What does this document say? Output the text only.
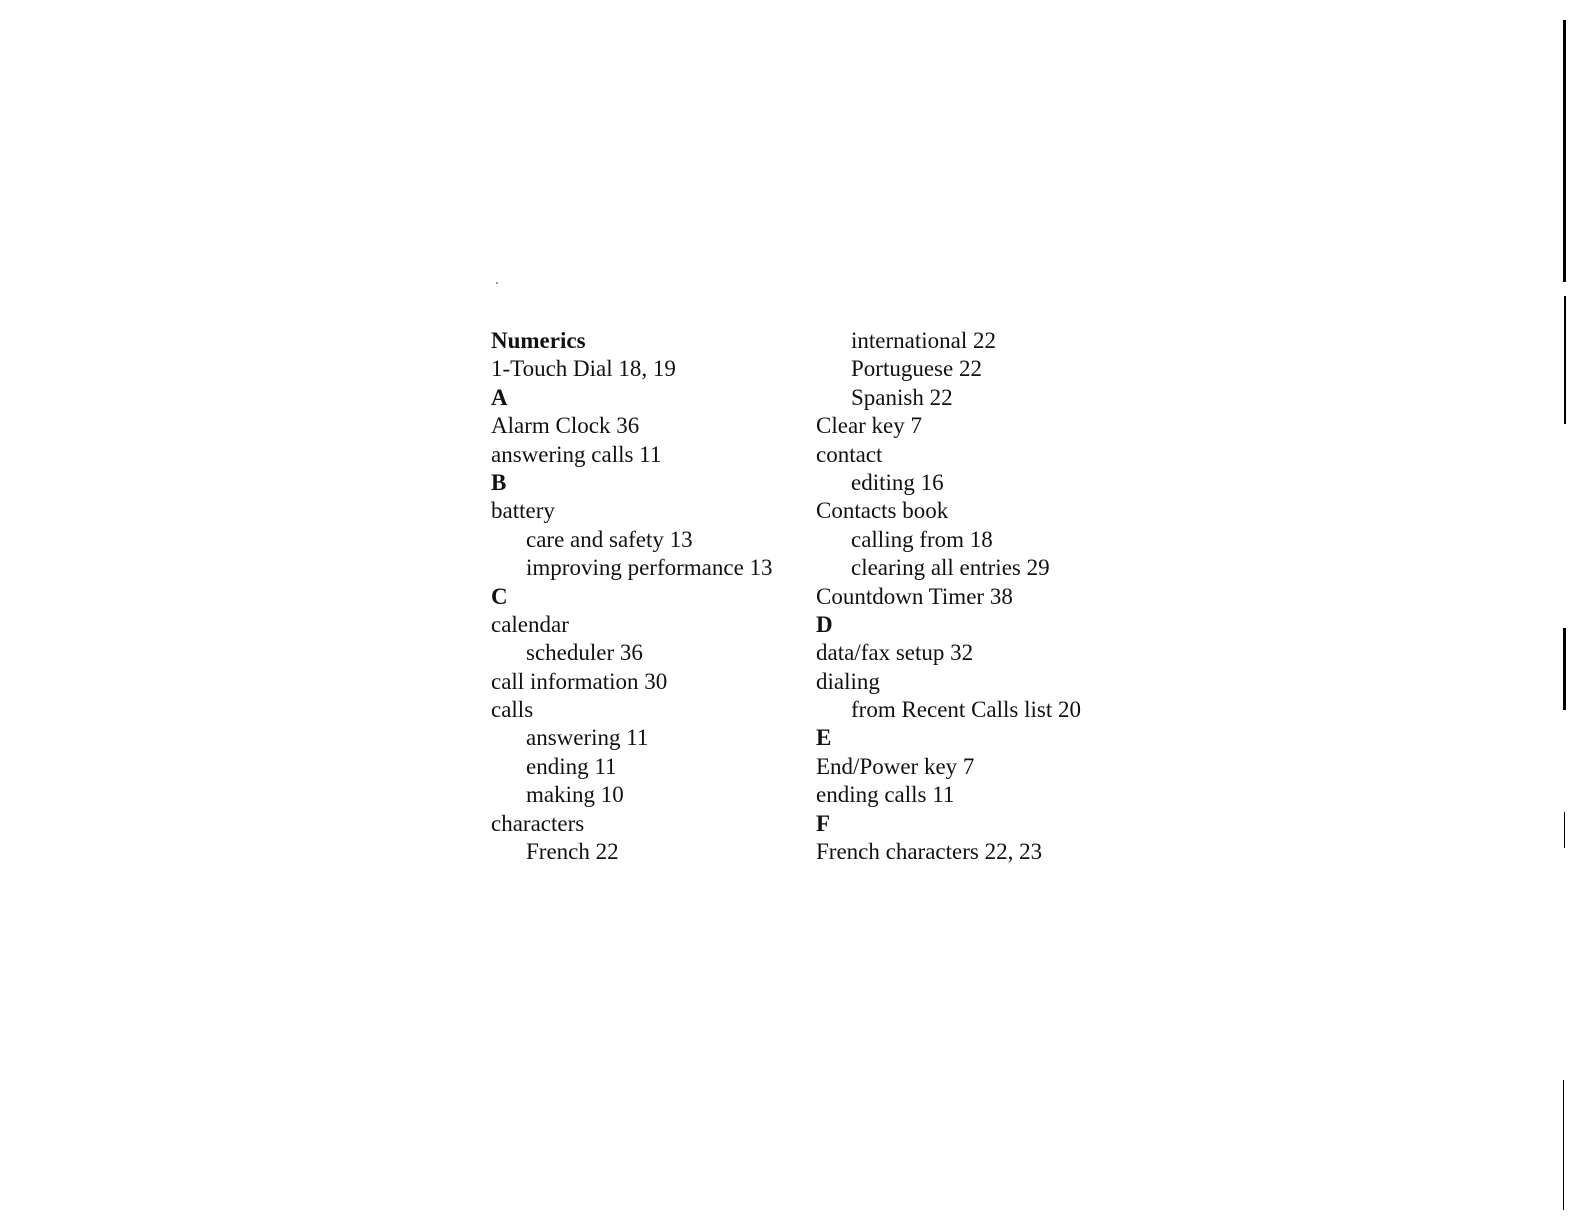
Numerics
1-Touch Dial 18, 19
A
Alarm Clock 36
answering calls 11
B
battery
care and safety 13
improving performance 13
C
calendar
scheduler 36
call information 30
calls
answering 11
ending 11
making 10
characters
French 22
international 22
Portuguese 22
Spanish 22
Clear key 7
contact
editing 16
Contacts book
calling from 18
clearing all entries 29
Countdown Timer 38
D
data/fax setup 32
dialing
from Recent Calls list 20
E
End/Power key 7
ending calls 11
F
French characters 22, 23
